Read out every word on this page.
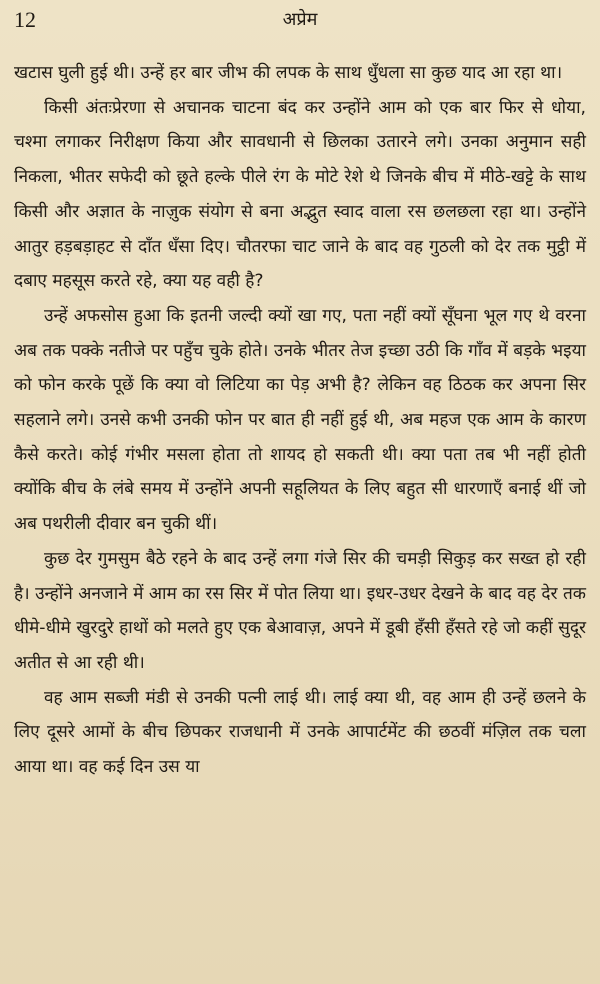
12	अप्रेम

खटास घुली हुई थी। उन्हें हर बार जीभ की लपक के साथ धुँधला सा कुछ याद आ रहा था।

किसी अंतःप्रेरणा से अचानक चाटना बंद कर उन्होंने आम को एक बार फिर से धोया, चश्मा लगाकर निरीक्षण किया और सावधानी से छिलका उतारने लगे। उनका अनुमान सही निकला, भीतर सफेदी को छूते हल्के पीले रंग के मोटे रेशे थे जिनके बीच में मीठे-खट्टे के साथ किसी और अज्ञात के नाज़ुक संयोग से बना अद्भुत स्वाद वाला रस छलछला रहा था। उन्होंने आतुर हड़बड़ाहट से दाँत धँसा दिए। चौतरफा चाट जाने के बाद वह गुठली को देर तक मुट्ठी में दबाए महसूस करते रहे, क्या यह वही है?

उन्हें अफसोस हुआ कि इतनी जल्दी क्यों खा गए, पता नहीं क्यों सूँघना भूल गए थे वरना अब तक पक्के नतीजे पर पहुँच चुके होते। उनके भीतर तेज इच्छा उठी कि गाँव में बड़के भइया को फोन करके पूछें कि क्या वो लिटिया का पेड़ अभी है? लेकिन वह ठिठक कर अपना सिर सहलाने लगे। उनसे कभी उनकी फोन पर बात ही नहीं हुई थी, अब महज एक आम के कारण कैसे करते। कोई गंभीर मसला होता तो शायद हो सकती थी। क्या पता तब भी नहीं होती क्योंकि बीच के लंबे समय में उन्होंने अपनी सहूलियत के लिए बहुत सी धारणाएँ बनाई थीं जो अब पथरीली दीवार बन चुकी थीं।

कुछ देर गुमसुम बैठे रहने के बाद उन्हें लगा गंजे सिर की चमड़ी सिकुड़ कर सख्त हो रही है। उन्होंने अनजाने में आम का रस सिर में पोत लिया था। इधर-उधर देखने के बाद वह देर तक धीमे-धीमे खुरदुरे हाथों को मलते हुए एक बेआवाज़, अपने में डूबी हँसी हँसते रहे जो कहीं सुदूर अतीत से आ रही थी।

वह आम सब्जी मंडी से उनकी पत्नी लाई थी। लाई क्या थी, वह आम ही उन्हें छलने के लिए दूसरे आमों के बीच छिपकर राजधानी में उनके आपार्टमेंट की छठवीं मंज़िल तक चला आया था। वह कई दिन उस या
